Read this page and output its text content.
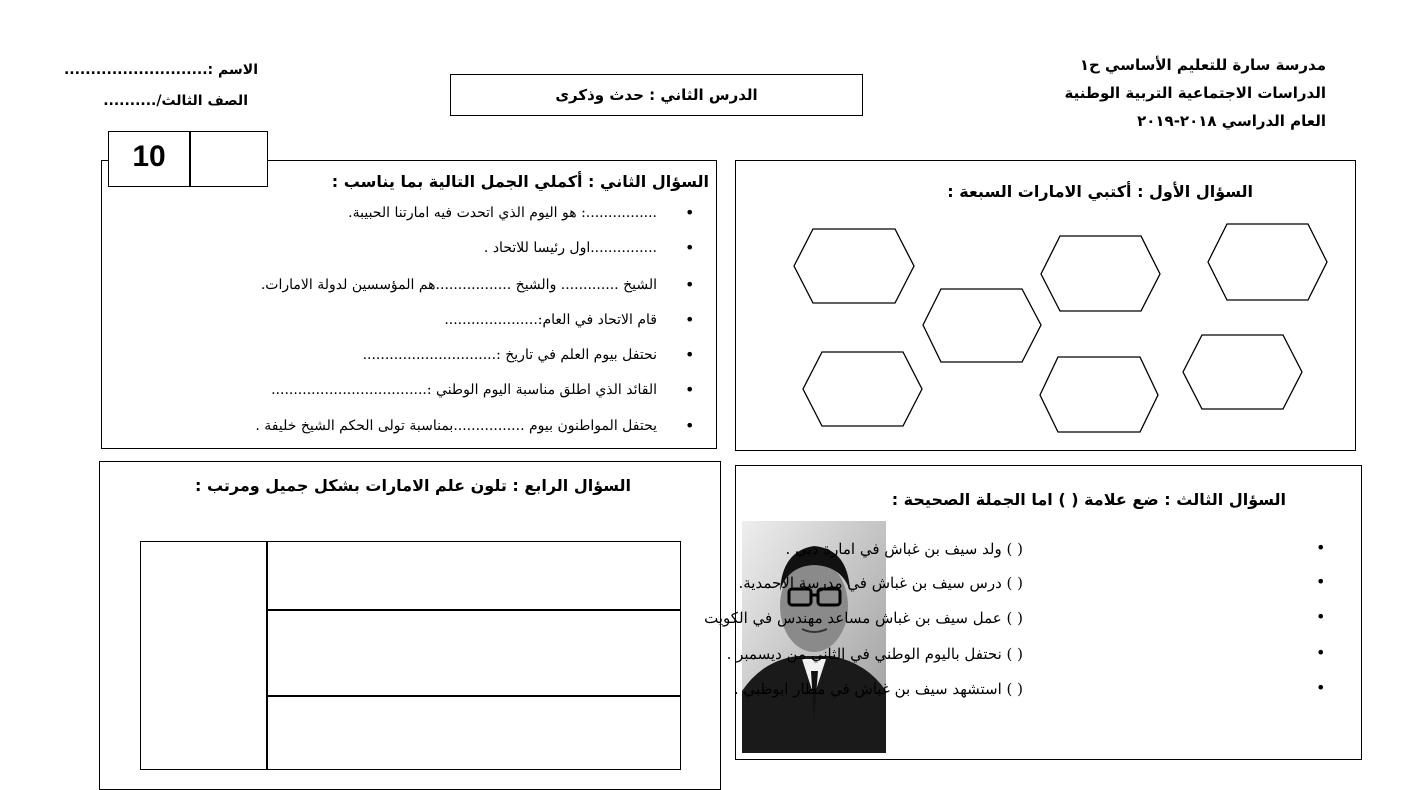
مدرسة سارة للتعليم الأساسي ح١
الدراسات الاجتماعية التربية الوطنية
العام الدراسي ٢٠١٨-٢٠١٩
الدرس الثاني : حدث وذكرى
الاسم :...........................
الصف الثالث/..........
10
السؤال الثاني : أكملي الجمل التالية بما يناسب :
................: هو اليوم الذي اتحدت فيه امارتنا الحبيبة.
...............اول رئيسا للاتحاد .
الشيخ ............. والشيخ .................هم المؤسسين لدولة الامارات.
قام الاتحاد في العام:.....................
نحتفل بيوم العلم في تاريخ :..............................
القائد الذي اطلق مناسبة اليوم الوطني :...................................
يحتفل المواطنون بيوم ................بمناسبة تولى الحكم الشيخ خليفة .
•
•
•
•
•
•
•
السؤال الأول : أكتبي الامارات السبعة :
السؤال الرابع : تلون علم الامارات بشكل جميل ومرتب :
السؤال الثالث : ضع علامة ( ) اما الجملة الصحيحة :
( ) ولد سيف بن غباش في امارة دبي .
( ) درس سيف بن غباش في مدرسة الاحمدية.
( ) عمل سيف بن غباش مساعد مهندس في الكويت
( ) نحتفل باليوم الوطني في الثاني من ديسمبر .
( ) استشهد سيف بن غباش في مطار ابوظبي .
•
•
•
•
•
